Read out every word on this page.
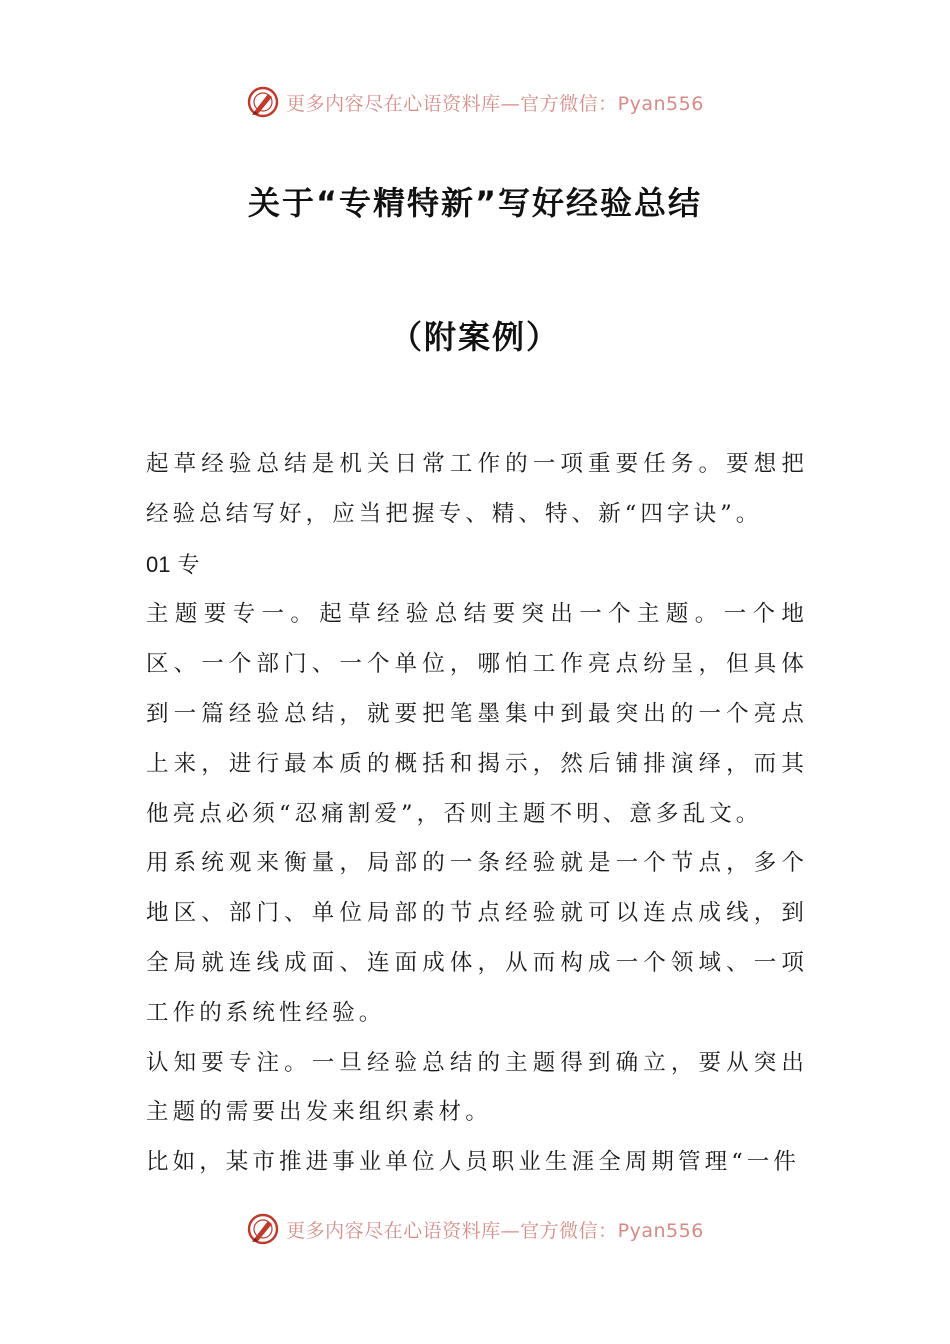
更多内容尽在心语资料库—官方微信：Pyan556
关于“专精特新”写好经验总结
（附案例）

起草经验总结是机关日常工作的一项重要任务。要想把经验总结写好，应当把握专、精、特、新“四字诀”。

01 专

主题要专一。起草经验总结要突出一个主题。一个地区、一个部门、一个单位，哪怕工作亮点纷呈，但具体到一篇经验总结，就要把笔墨集中到最突出的一个亮点上来，进行最本质的概括和揭示，然后铺排演绎，而其他亮点必须“忍痛割爱”，否则主题不明、意多乱文。

用系统观来衡量，局部的一条经验就是一个节点，多个地区、部门、单位局部的节点经验就可以连点成线，到全局就连线成面、连面成体，从而构成一个领域、一项工作的系统性经验。

认知要专注。一旦经验总结的主题得到确立，要从突出主题的需要出发来组织素材。

比如，某市推进事业单位人员职业生涯全周期管理“一件

更多内容尽在心语资料库—官方微信：Pyan556
